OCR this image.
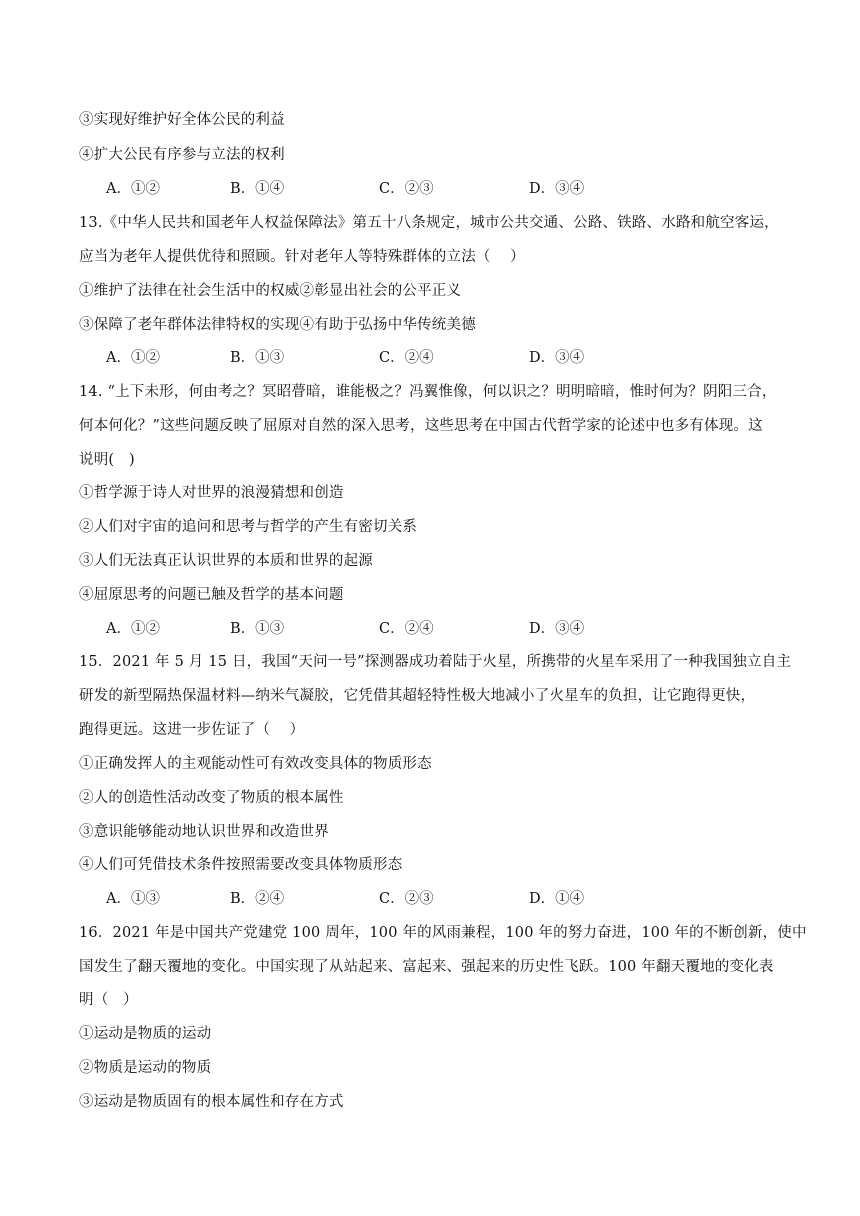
③实现好维护好全体公民的利益
④扩大公民有序参与立法的权利
A．①②	B．①④	C．②③	D．③④
13.《中华人民共和国老年人权益保障法》第五十八条规定，城市公共交通、公路、铁路、水路和航空客运，
应当为老年人提供优待和照顾。针对老年人等特殊群体的立法（　 ）
①维护了法律在社会生活中的权威②彰显出社会的公平正义
③保障了老年群体法律特权的实现④有助于弘扬中华传统美德
A．①②	B．①③	C．②④	D．③④
14. “上下未形，何由考之？冥昭瞢暗，谁能极之？冯翼惟像，何以识之？明明暗暗，惟时何为？阴阳三合，
何本何化？”这些问题反映了屈原对自然的深入思考，这些思考在中国古代哲学家的论述中也多有体现。这
说明(　)
①哲学源于诗人对世界的浪漫猜想和创造
②人们对宇宙的追问和思考与哲学的产生有密切关系
③人们无法真正认识世界的本质和世界的起源
④屈原思考的问题已触及哲学的基本问题
A．①②	B．①③	C．②④	D．③④
15．2021 年 5 月 15 日，我国“天问一号”探测器成功着陆于火星，所携带的火星车采用了一种我国独立自主
研发的新型隔热保温材料—纳米气凝胶，它凭借其超轻特性极大地减小了火星车的负担，让它跑得更快，
跑得更远。这进一步佐证了（　 ）
①正确发挥人的主观能动性可有效改变具体的物质形态
②人的创造性活动改变了物质的根本属性
③意识能够能动地认识世界和改造世界
④人们可凭借技术条件按照需要改变具体物质形态
A．①③	B．②④	C．②③	D．①④
16．2021 年是中国共产党建党 100 周年，100 年的风雨兼程，100 年的努力奋进，100 年的不断创新，使中
国发生了翻天覆地的变化。中国实现了从站起来、富起来、强起来的历史性飞跃。100 年翻天覆地的变化表
明（　）
①运动是物质的运动
②物质是运动的物质
③运动是物质固有的根本属性和存在方式
